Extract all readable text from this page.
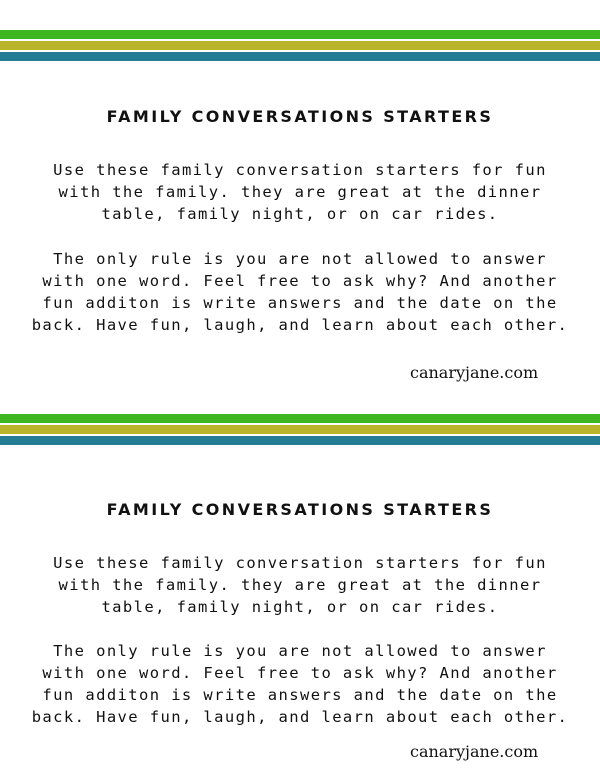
FAMILY CONVERSATIONS STARTERS

Use these family conversation starters for fun
with the family. they are great at the dinner
table, family night, or on car rides.

The only rule is you are not allowed to answer
with one word. Feel free to ask why? And another
fun additon is write answers and the date on the
back. Have fun, laugh, and learn about each other.

canaryjane.com
FAMILY CONVERSATIONS STARTERS

Use these family conversation starters for fun
with the family. they are great at the dinner
table, family night, or on car rides.

The only rule is you are not allowed to answer
with one word. Feel free to ask why? And another
fun additon is write answers and the date on the
back. Have fun, laugh, and learn about each other.

canaryjane.com
